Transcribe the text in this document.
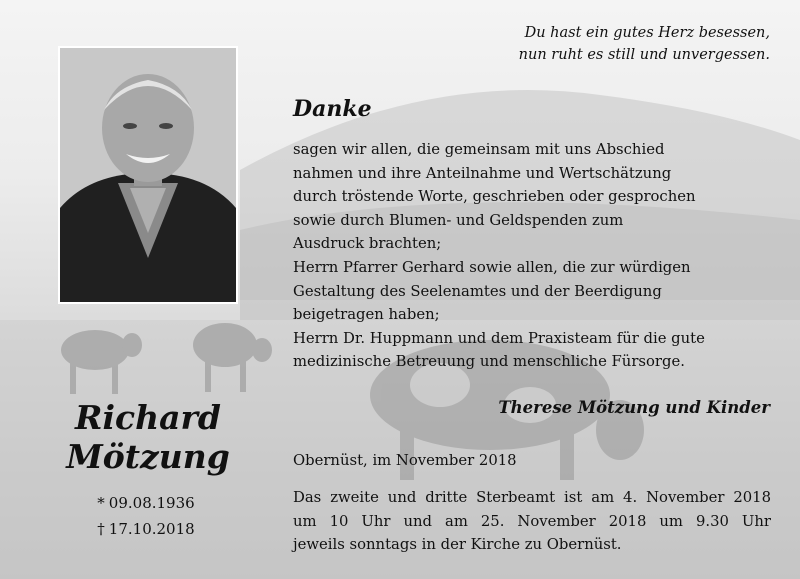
Du hast ein gutes Herz besessen,
nun ruht es still und unvergessen.
Danke
sagen wir allen, die gemeinsam mit uns Abschied
nahmen und ihre Anteilnahme und Wertschätzung
durch tröstende Worte, geschrieben oder gesprochen
sowie durch Blumen- und Geldspenden zum
Ausdruck brachten;
Herrn Pfarrer Gerhard sowie allen, die zur würdigen
Gestaltung des Seelenamtes und der Beerdigung
beigetragen haben;
Herrn Dr. Huppmann und dem Praxisteam für die gute
medizinische Betreuung und menschliche Fürsorge.
Therese Mötzung und Kinder
Richard
Mötzung
* 09.08.1936
† 17.10.2018
Obernüst, im November 2018
Das zweite und dritte Sterbeamt ist am 4. November 2018
um 10 Uhr und am 25. November 2018 um 9.30 Uhr
jeweils sonntags in der Kirche zu Obernüst.
